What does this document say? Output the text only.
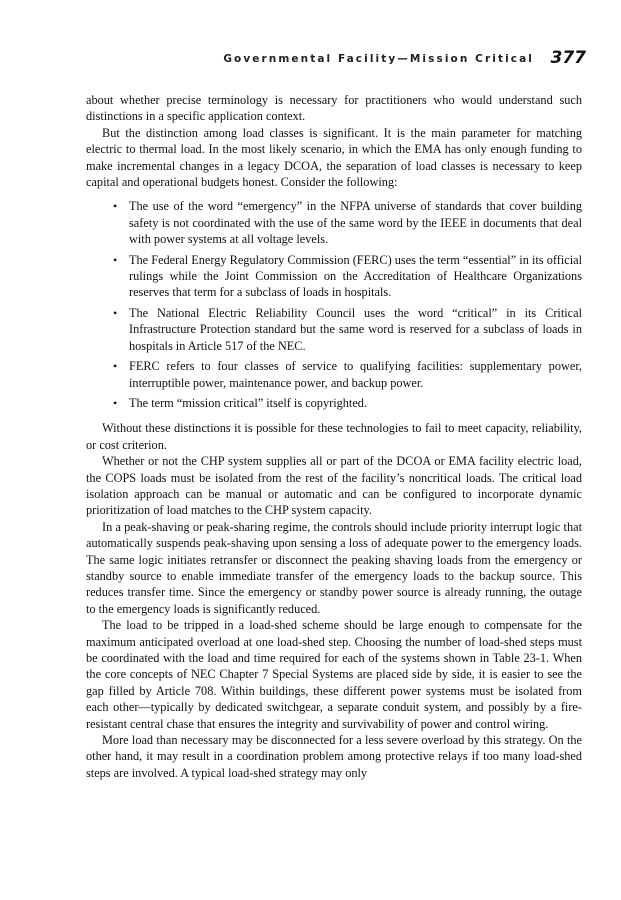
Governmental Facility—Mission Critical 377

about whether precise terminology is necessary for practitioners who would understand such distinctions in a specific application context.

But the distinction among load classes is significant. It is the main parameter for matching electric to thermal load. In the most likely scenario, in which the EMA has only enough funding to make incremental changes in a legacy DCOA, the separation of load classes is necessary to keep capital and operational budgets honest. Consider the following:

• The use of the word “emergency” in the NFPA universe of standards that cover building safety is not coordinated with the use of the same word by the IEEE in documents that deal with power systems at all voltage levels.
• The Federal Energy Regulatory Commission (FERC) uses the term “essential” in its official rulings while the Joint Commission on the Accreditation of Healthcare Organizations reserves that term for a subclass of loads in hospitals.
• The National Electric Reliability Council uses the word “critical” in its Critical Infrastructure Protection standard but the same word is reserved for a subclass of loads in hospitals in Article 517 of the NEC.
• FERC refers to four classes of service to qualifying facilities: supplementary power, interruptible power, maintenance power, and backup power.
• The term “mission critical” itself is copyrighted.

Without these distinctions it is possible for these technologies to fail to meet capacity, reliability, or cost criterion.

Whether or not the CHP system supplies all or part of the DCOA or EMA facility electric load, the COPS loads must be isolated from the rest of the facility’s noncritical loads. The critical load isolation approach can be manual or automatic and can be configured to incorporate dynamic prioritization of load matches to the CHP system capacity.

In a peak-shaving or peak-sharing regime, the controls should include priority interrupt logic that automatically suspends peak-shaving upon sensing a loss of adequate power to the emergency loads. The same logic initiates retransfer or disconnect the peaking shaving loads from the emergency or standby source to enable immediate transfer of the emergency loads to the backup source. This reduces transfer time. Since the emergency or standby power source is already running, the outage to the emergency loads is significantly reduced.

The load to be tripped in a load-shed scheme should be large enough to compensate for the maximum anticipated overload at one load-shed step. Choosing the number of load-shed steps must be coordinated with the load and time required for each of the systems shown in Table 23-1. When the core concepts of NEC Chapter 7 Special Systems are placed side by side, it is easier to see the gap filled by Article 708. Within buildings, these different power systems must be isolated from each other—typically by dedicated switchgear, a separate conduit system, and possibly by a fire-resistant central chase that ensures the integrity and survivability of power and control wiring.

More load than necessary may be disconnected for a less severe overload by this strategy. On the other hand, it may result in a coordination problem among protective relays if too many load-shed steps are involved. A typical load-shed strategy may only
